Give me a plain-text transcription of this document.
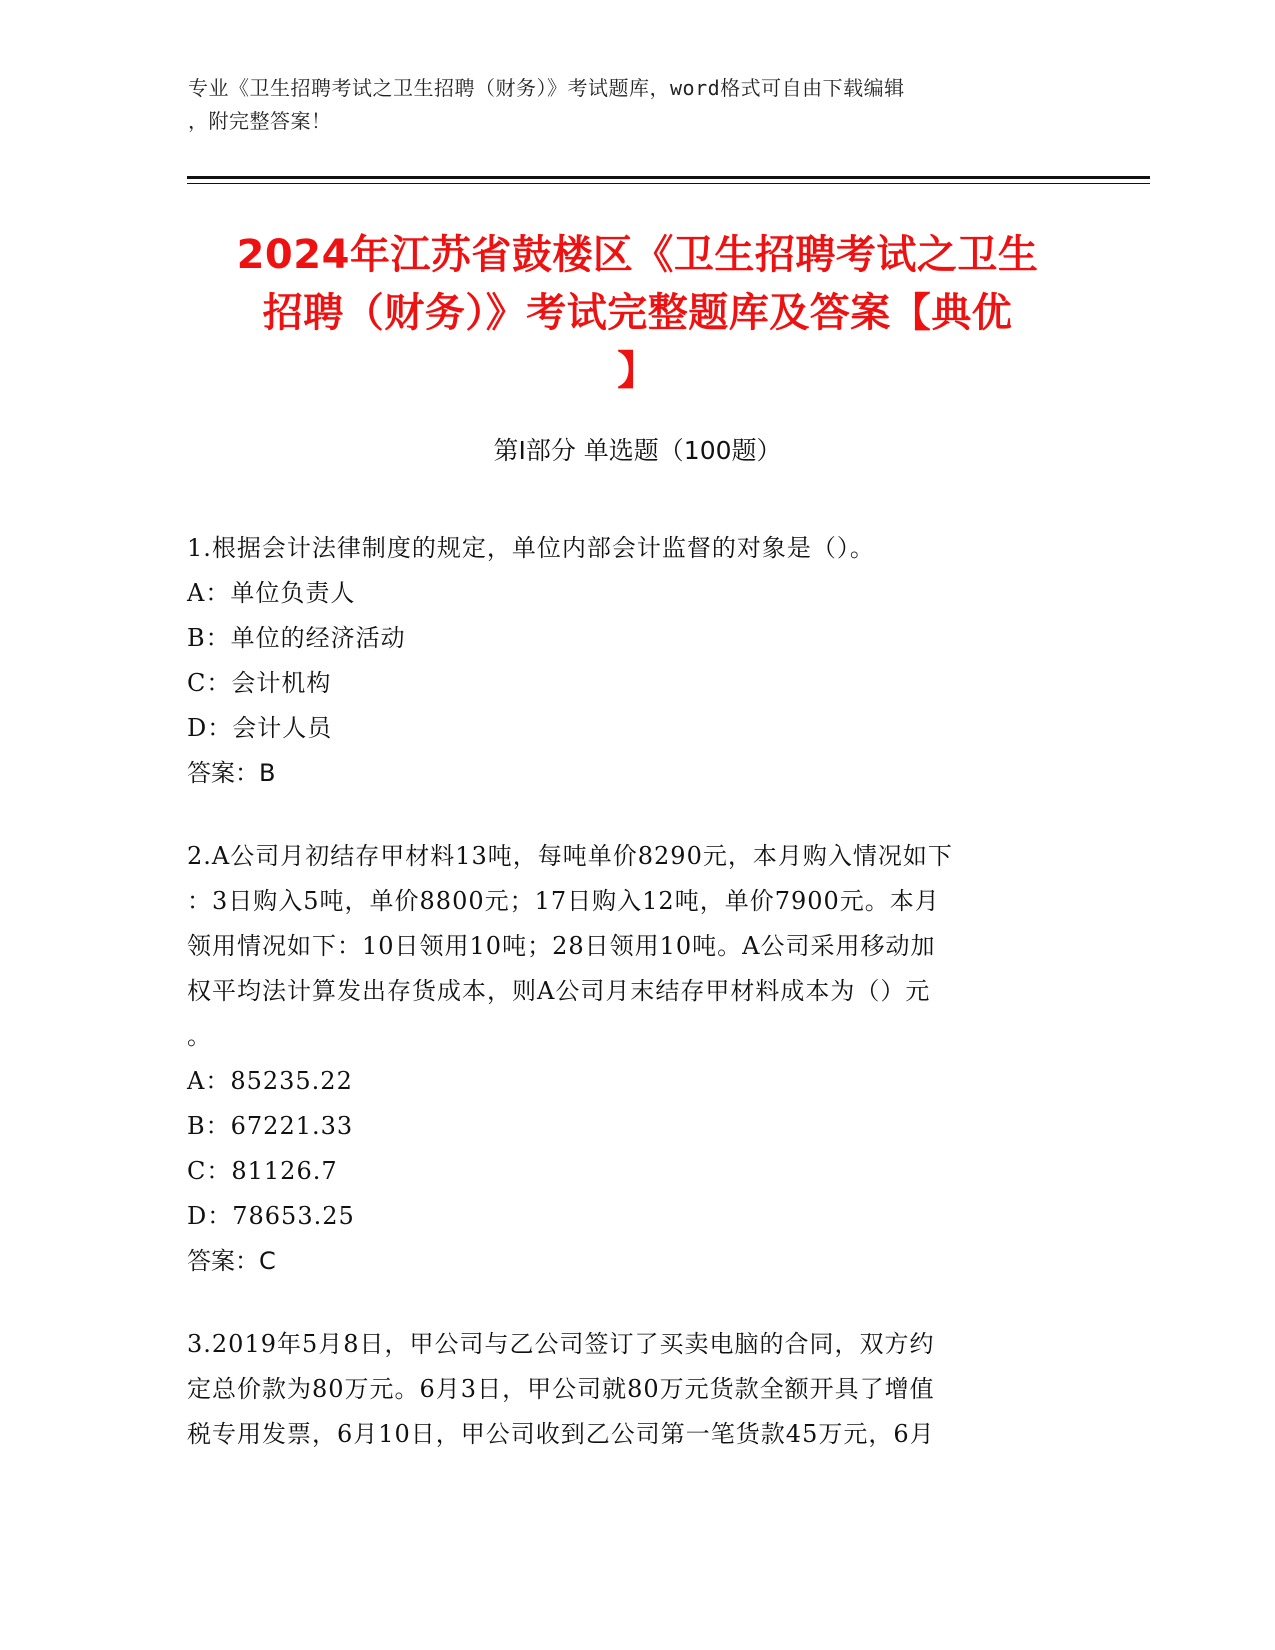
专业《卫生招聘考试之卫生招聘（财务）》考试题库，word格式可自由下载编辑
，附完整答案！
2024年江苏省鼓楼区《卫生招聘考试之卫生
招聘（财务）》考试完整题库及答案【典优
】
第I部分 单选题（100题）

1.根据会计法律制度的规定，单位内部会计监督的对象是（）。

A：单位负责人
B：单位的经济活动
C：会计机构
D：会计人员
答案：B

2.A公司月初结存甲材料13吨，每吨单价8290元，本月购入情况如下

：3日购入5吨，单价8800元；17日购入12吨，单价7900元。本月

领用情况如下：10日领用10吨；28日领用10吨。A公司采用移动加

权平均法计算发出存货成本，则A公司月末结存甲材料成本为（）元

。

A：85235.22
B：67221.33
C：81126.7
D：78653.25
答案：C

3.2019年5月8日，甲公司与乙公司签订了买卖电脑的合同，双方约

定总价款为80万元。6月3日，甲公司就80万元货款全额开具了增值

税专用发票，6月10日，甲公司收到乙公司第一笔货款45万元，6月
